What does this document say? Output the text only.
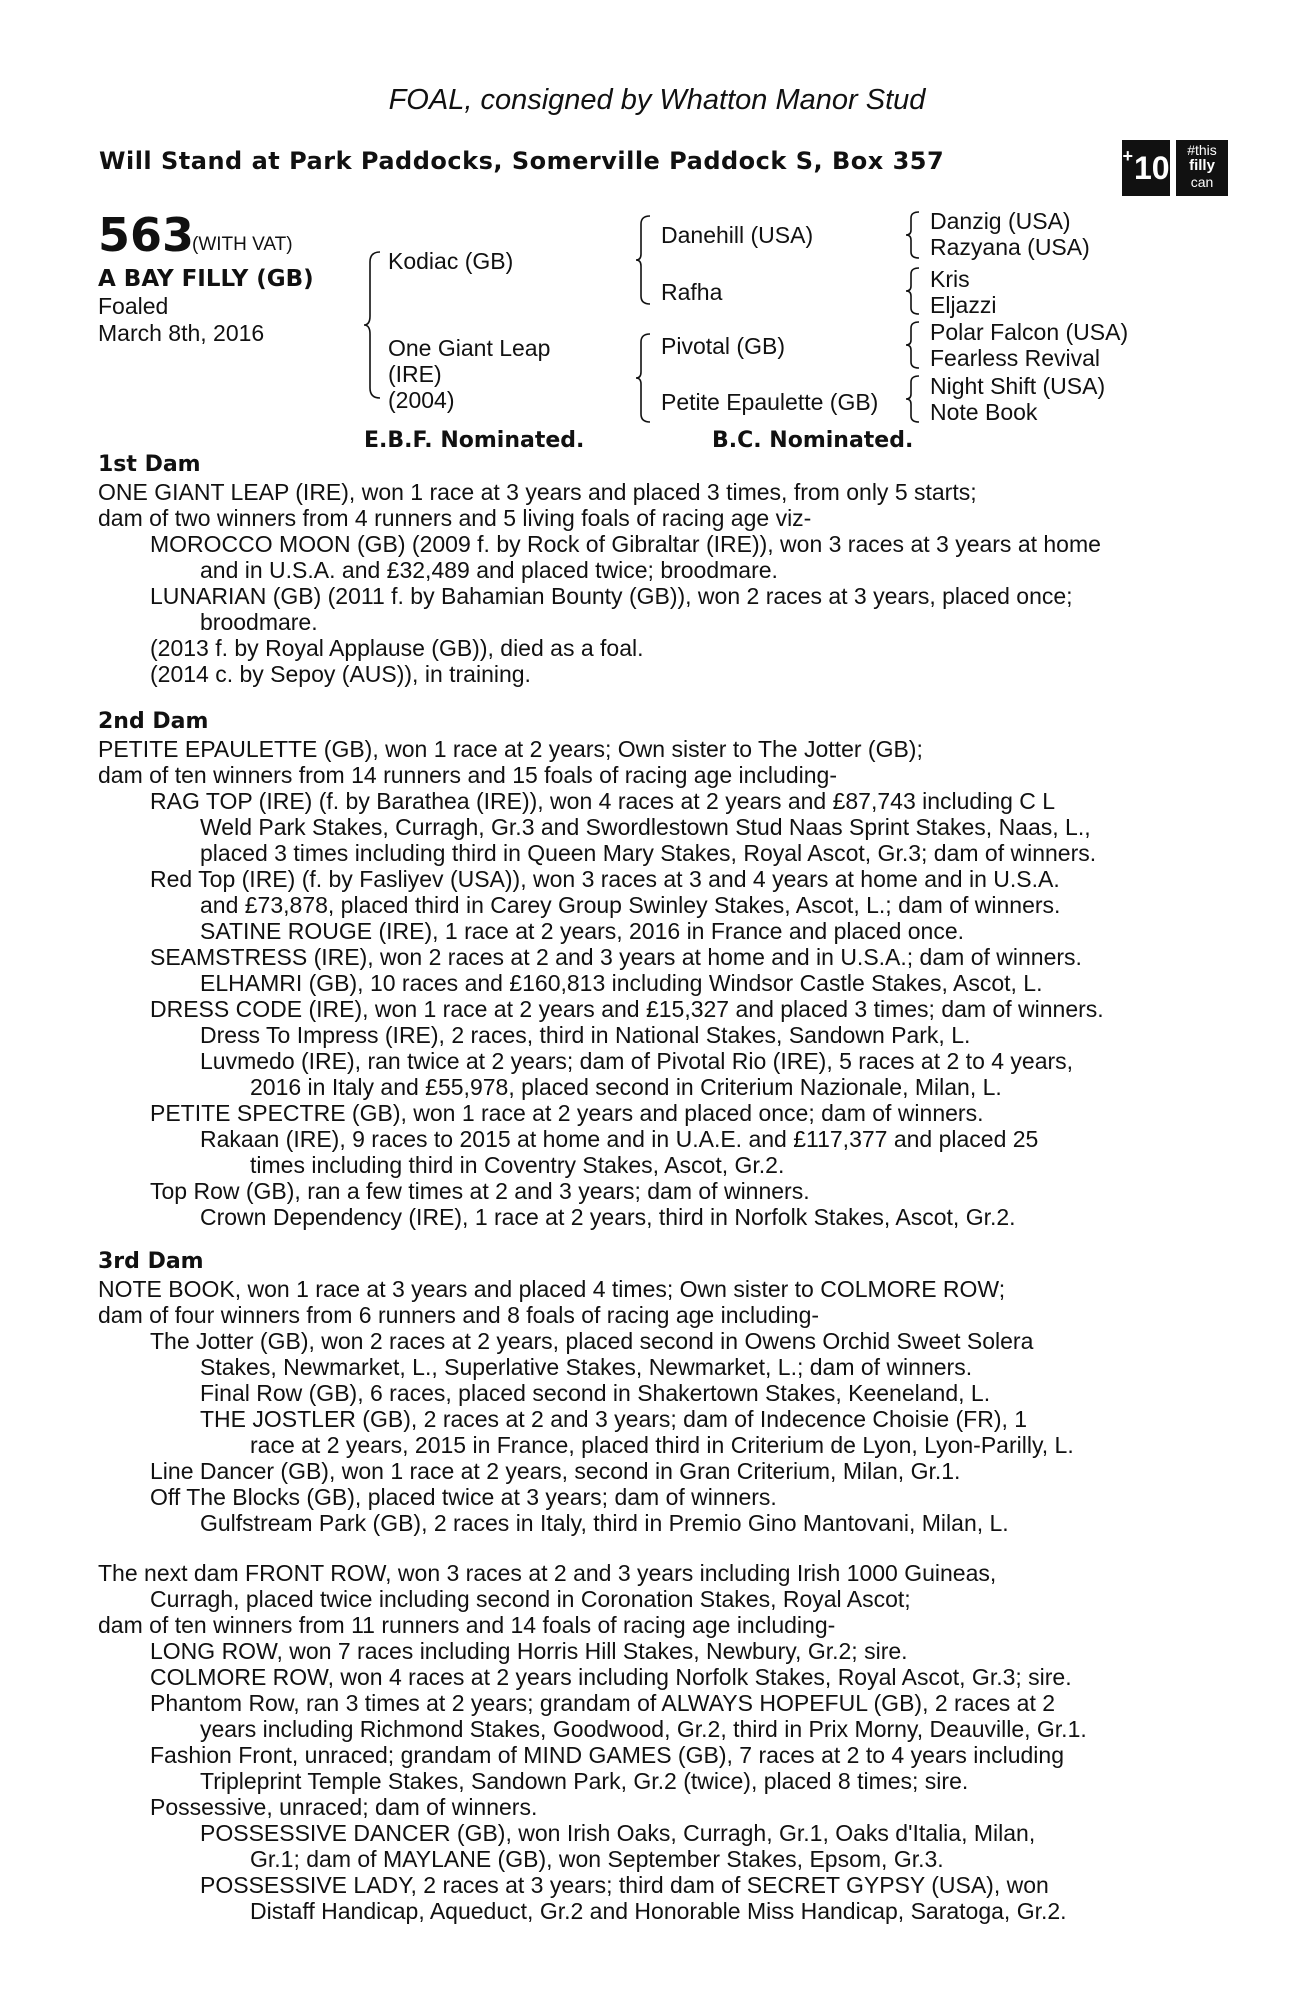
FOAL, consigned by Whatton Manor Stud
Will Stand at Park Paddocks, Somerville Paddock S, Box 357	+ 10	#this
filly
can
563
(WITH VAT)
A BAY FILLY (GB)
Foaled
March 8th, 2016
Kodiac (GB)
One Giant Leap
(IRE)
(2004)
Danehill (USA)
Rafha
Pivotal (GB)
Petite Epaulette (GB)
Danzig (USA)
Razyana (USA)
Kris
Eljazzi
Polar Falcon (USA)
Fearless Revival
Night Shift (USA)
Note Book
E.B.F. Nominated.	B.C. Nominated.
1st Dam
ONE GIANT LEAP (IRE), won 1 race at 3 years and placed 3 times, from only 5 starts;
dam of two winners from 4 runners and 5 living foals of racing age viz-
MOROCCO MOON (GB) (2009 f. by Rock of Gibraltar (IRE)), won 3 races at 3 years at home
and in U.S.A. and £32,489 and placed twice; broodmare.
LUNARIAN (GB) (2011 f. by Bahamian Bounty (GB)), won 2 races at 3 years, placed once;
broodmare.
(2013 f. by Royal Applause (GB)), died as a foal.
(2014 c. by Sepoy (AUS)), in training.
2nd Dam
PETITE EPAULETTE (GB), won 1 race at 2 years; Own sister to The Jotter (GB);
dam of ten winners from 14 runners and 15 foals of racing age including-
RAG TOP (IRE) (f. by Barathea (IRE)), won 4 races at 2 years and £87,743 including C L
Weld Park Stakes, Curragh, Gr.3 and Swordlestown Stud Naas Sprint Stakes, Naas, L.,
placed 3 times including third in Queen Mary Stakes, Royal Ascot, Gr.3; dam of winners.
Red Top (IRE) (f. by Fasliyev (USA)), won 3 races at 3 and 4 years at home and in U.S.A.
and £73,878, placed third in Carey Group Swinley Stakes, Ascot, L.; dam of winners.
SATINE ROUGE (IRE), 1 race at 2 years, 2016 in France and placed once.
SEAMSTRESS (IRE), won 2 races at 2 and 3 years at home and in U.S.A.; dam of winners.
ELHAMRI (GB), 10 races and £160,813 including Windsor Castle Stakes, Ascot, L.
DRESS CODE (IRE), won 1 race at 2 years and £15,327 and placed 3 times; dam of winners.
Dress To Impress (IRE), 2 races, third in National Stakes, Sandown Park, L.
Luvmedo (IRE), ran twice at 2 years; dam of Pivotal Rio (IRE), 5 races at 2 to 4 years,
2016 in Italy and £55,978, placed second in Criterium Nazionale, Milan, L.
PETITE SPECTRE (GB), won 1 race at 2 years and placed once; dam of winners.
Rakaan (IRE), 9 races to 2015 at home and in U.A.E. and £117,377 and placed 25
times including third in Coventry Stakes, Ascot, Gr.2.
Top Row (GB), ran a few times at 2 and 3 years; dam of winners.
Crown Dependency (IRE), 1 race at 2 years, third in Norfolk Stakes, Ascot, Gr.2.
3rd Dam
NOTE BOOK, won 1 race at 3 years and placed 4 times; Own sister to COLMORE ROW;
dam of four winners from 6 runners and 8 foals of racing age including-
The Jotter (GB), won 2 races at 2 years, placed second in Owens Orchid Sweet Solera
Stakes, Newmarket, L., Superlative Stakes, Newmarket, L.; dam of winners.
Final Row (GB), 6 races, placed second in Shakertown Stakes, Keeneland, L.
THE JOSTLER (GB), 2 races at 2 and 3 years; dam of Indecence Choisie (FR), 1
race at 2 years, 2015 in France, placed third in Criterium de Lyon, Lyon-Parilly, L.
Line Dancer (GB), won 1 race at 2 years, second in Gran Criterium, Milan, Gr.1.
Off The Blocks (GB), placed twice at 3 years; dam of winners.
Gulfstream Park (GB), 2 races in Italy, third in Premio Gino Mantovani, Milan, L.
The next dam FRONT ROW, won 3 races at 2 and 3 years including Irish 1000 Guineas,
Curragh, placed twice including second in Coronation Stakes, Royal Ascot;
dam of ten winners from 11 runners and 14 foals of racing age including-
LONG ROW, won 7 races including Horris Hill Stakes, Newbury, Gr.2; sire.
COLMORE ROW, won 4 races at 2 years including Norfolk Stakes, Royal Ascot, Gr.3; sire.
Phantom Row, ran 3 times at 2 years; grandam of ALWAYS HOPEFUL (GB), 2 races at 2
years including Richmond Stakes, Goodwood, Gr.2, third in Prix Morny, Deauville, Gr.1.
Fashion Front, unraced; grandam of MIND GAMES (GB), 7 races at 2 to 4 years including
Tripleprint Temple Stakes, Sandown Park, Gr.2 (twice), placed 8 times; sire.
Possessive, unraced; dam of winners.
POSSESSIVE DANCER (GB), won Irish Oaks, Curragh, Gr.1, Oaks d'Italia, Milan,
Gr.1; dam of MAYLANE (GB), won September Stakes, Epsom, Gr.3.
POSSESSIVE LADY, 2 races at 3 years; third dam of SECRET GYPSY (USA), won
Distaff Handicap, Aqueduct, Gr.2 and Honorable Miss Handicap, Saratoga, Gr.2.
